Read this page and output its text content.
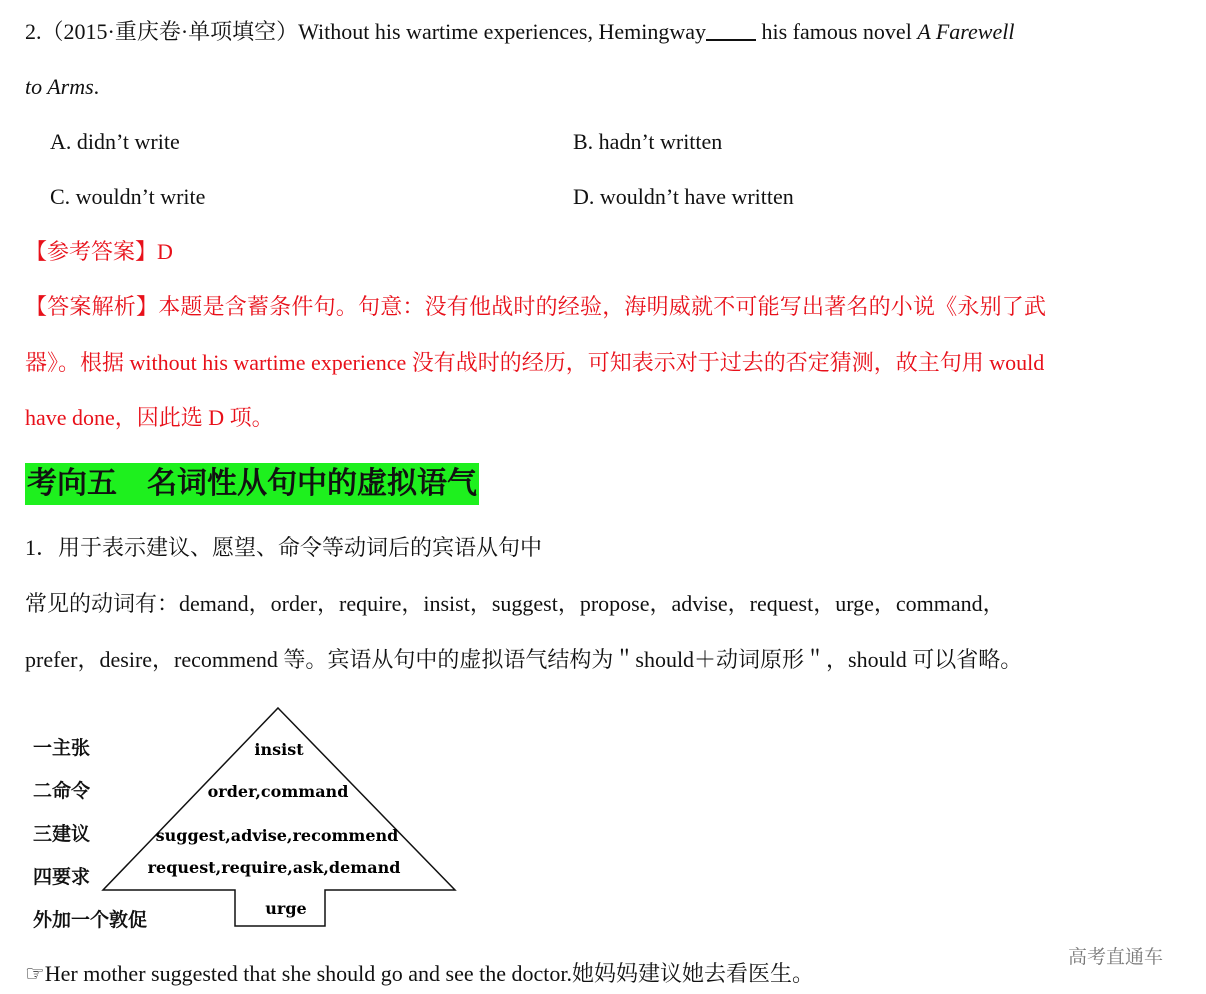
2.（2015·重庆卷·单项填空）Without his wartime experiences, Hemingway his famous novel A Farewell
to Arms.
A. didn’t write	B. hadn’t written
C. wouldn’t write	D. wouldn’t have written
【参考答案】D
【答案解析】本题是含蓄条件句。句意：没有他战时的经验，海明威就不可能写出著名的小说《永别了武
器》。根据 without his wartime experience 没有战时的经历，可知表示对于过去的否定猜测，故主句用 would
have done，因此选 D 项。
考向五　名词性从句中的虚拟语气
1．用于表示建议、愿望、命令等动词后的宾语从句中
常见的动词有：demand，order，require，insist，suggest，propose，advise，request，urge，command，
prefer，desire，recommend 等。宾语从句中的虚拟语气结构为＂should＋动词原形＂，should 可以省略。
一主张
二命令
三建议
四要求
外加一个敦促
insist
order,command
suggest,advise,recommend
request,require,ask,demand
urge
☞Her mother suggested that she should go and see the doctor.她妈妈建议她去看医生。
高考直通车
